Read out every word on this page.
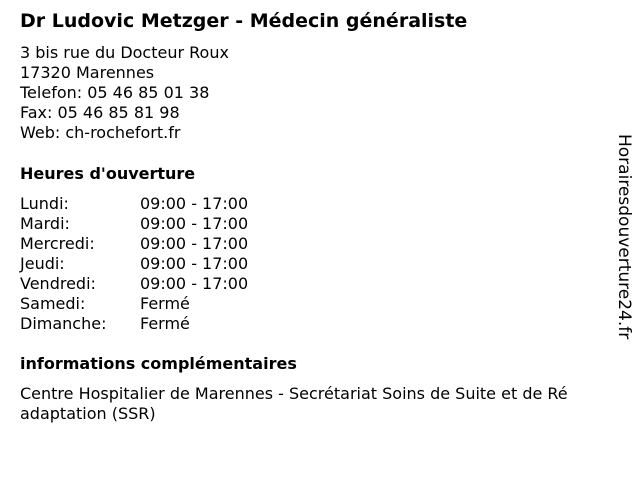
Dr Ludovic Metzger - Médecin généraliste
3 bis rue du Docteur Roux
17320 Marennes
Telefon: 05 46 85 01 38
Fax: 05 46 85 81 98
Web: ch-rochefort.fr
Heures d'ouverture
Lundi:	09:00 - 17:00
Mardi:	09:00 - 17:00
Mercredi:	09:00 - 17:00
Jeudi:	09:00 - 17:00
Vendredi:	09:00 - 17:00
Samedi:	Fermé
Dimanche:	Fermé
informations complémentaires
Centre Hospitalier de Marennes - Secrétariat Soins de Suite et de Ré adaptation (SSR)
Horairesdouverture24.fr
